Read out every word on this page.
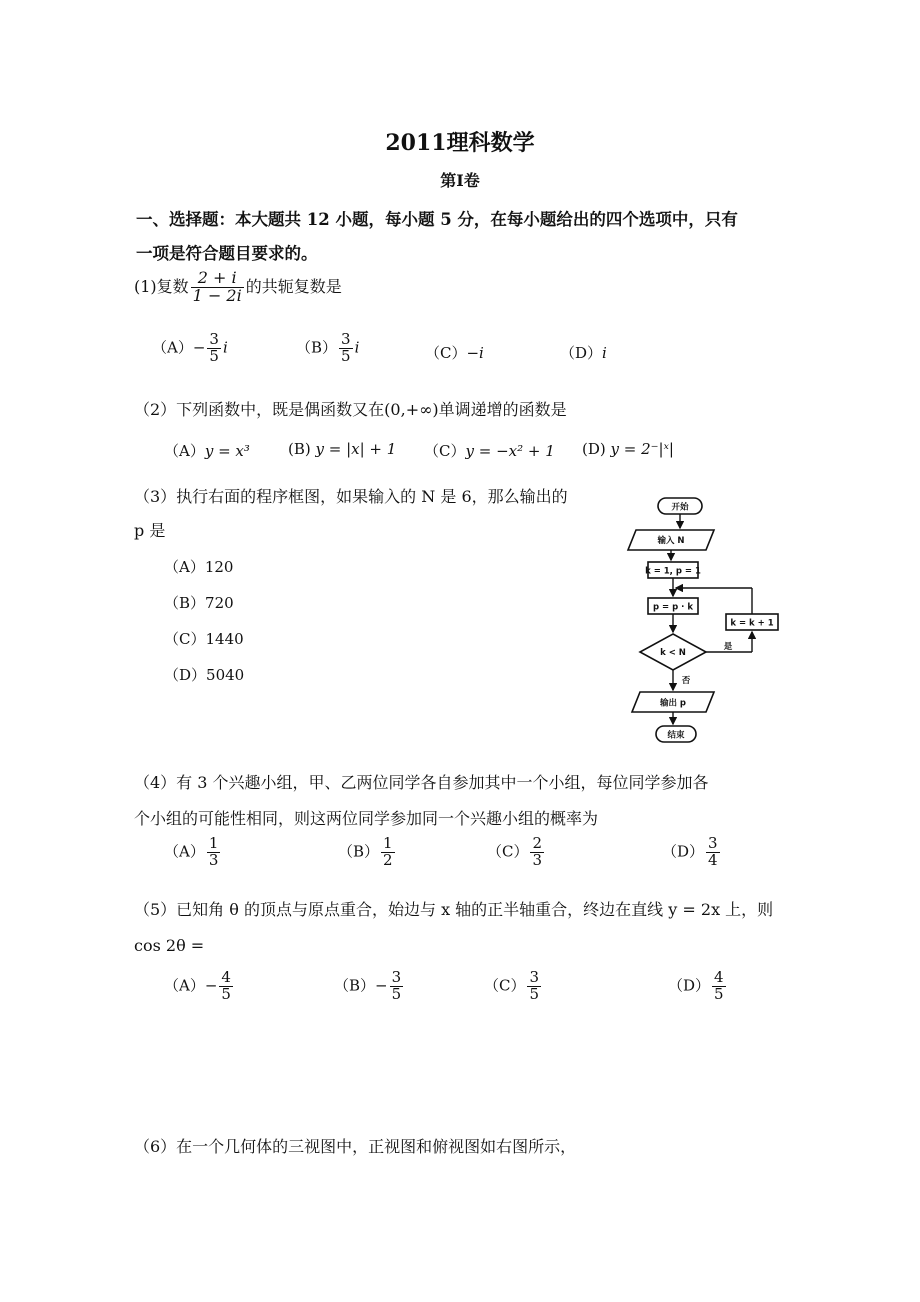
2011理科数学
第Ⅰ卷
一、选择题：本大题共 12 小题，每小题 5 分，在每小题给出的四个选项中，只有
一项是符合题目要求的。
(1)复数 $\frac{2 + i}{1 - 2i}$ 的共轭复数是
$(A)- \frac{3}{5}$ i	$(B) \frac{3}{5}$ i	（C）−i	（D）i
（2）下列函数中，既是偶函数又在(0,+∞)单调递增的函数是
（A）y = x³	(B) y = |x| + 1 （C）y = −x² + 1 (D) y = 2⁻|ˣ|
（3）执行右面的程序框图，如果输入的 N 是 6，那么输出的
p 是
（A）120
（B）720
（C）1440
（D）5040
开始
输入 N
k = 1, p = 1
p = p · k
k < N
是
k = k + 1
否
输出 p
结束
（4）有 3 个兴趣小组，甲、乙两位同学各自参加其中一个小组，每位同学参加各
个小组的可能性相同，则这两位同学参加同一个兴趣小组的概率为
$(A) \frac{1}{3}$	$(B) \frac{1}{2}$	$(C) \frac{2}{3}$	$(D) \frac{3}{4}$
（5）已知角 θ 的顶点与原点重合，始边与 x 轴的正半轴重合，终边在直线 y = 2x 上，则
cos 2θ =
$(A)- \frac{4}{5}$	$(B)- \frac{3}{5}$	$(C) \frac{3}{5}$	$(D) \frac{4}{5}$
（6）在一个几何体的三视图中，正视图和俯视图如右图所示，
